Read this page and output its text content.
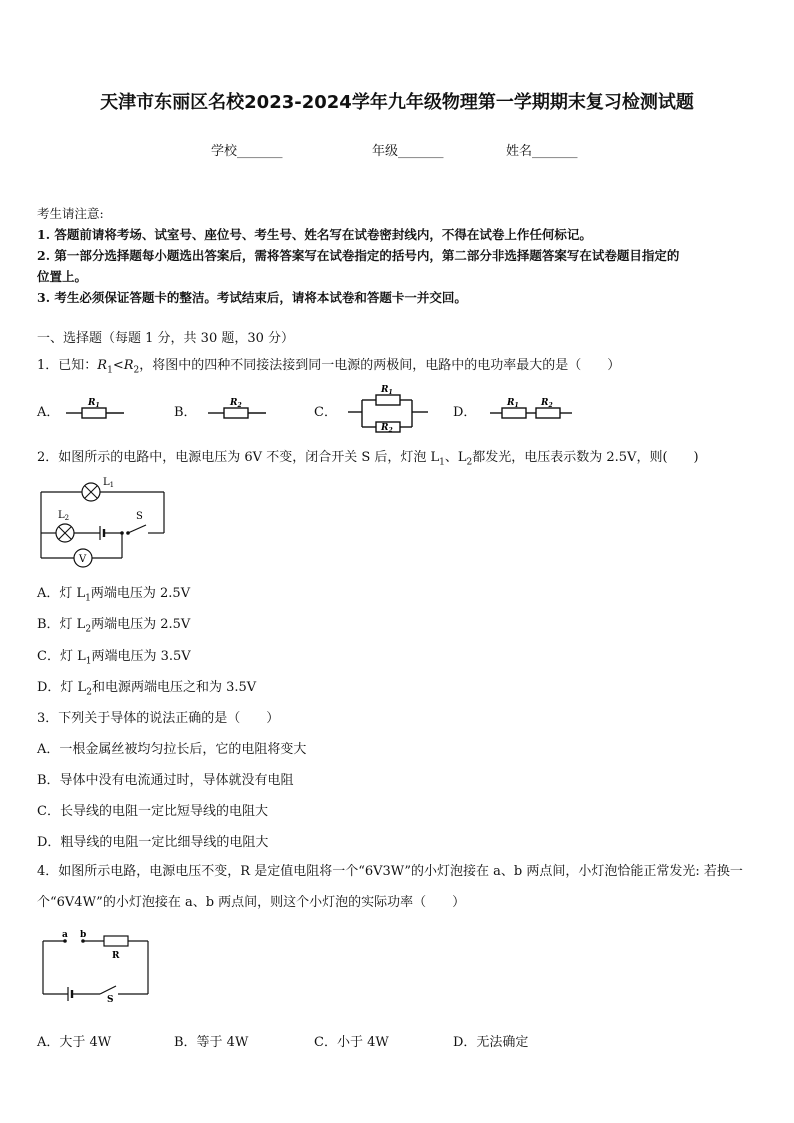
天津市东丽区名校2023-2024学年九年级物理第一学期期末复习检测试题
学校_______	年级_______	姓名_______
考生请注意:
1. 答题前请将考场、试室号、座位号、考生号、姓名写在试卷密封线内，不得在试卷上作任何标记。
2. 第一部分选择题每小题选出答案后，需将答案写在试卷指定的括号内，第二部分非选择题答案写在试卷题目指定的
位置上。
3. 考生必须保证答题卡的整洁。考试结束后，请将本试卷和答题卡一并交回。
一、选择题（每题 1 分，共 30 题，30 分）
1．已知：$R_1<R_2$，将图中的四种不同接法接到同一电源的两极间，电路中的电功率最大的是（　　）
A．
$R_1$	B．
$R_2$	C．
$R_1$
$R_2$
D．
$R_1$ $R_2$
2．如图所示的电路中，电源电压为 6V 不变，闭合开关 S 后，灯泡 $L_1$、$L_2$都发光，电压表示数为 2.5V，则(　　)
$L_1$
$L_2$	S
V
A．灯 $L_1$两端电压为 2.5V
B．灯 $L_2$两端电压为 2.5V
C．灯 $L_1$两端电压为 3.5V
D．灯 $L_2$和电源两端电压之和为 3.5V
3．下列关于导体的说法正确的是（　　）
A．一根金属丝被均匀拉长后，它的电阻将变大
B．导体中没有电流通过时，导体就没有电阻
C．长导线的电阻一定比短导线的电阻大
D．粗导线的电阻一定比细导线的电阻大
4．如图所示电路，电源电压不变，R 是定值电阻将一个“6V3W”的小灯泡接在 a、b 两点间，小灯泡恰能正常发光: 若换一个“6V4W”的小灯泡接在 a、b 两点间，则这个小灯泡的实际功率（　　）
a b
R
S
A．大于 4W	B．等于 4W	C．小于 4W	D．无法确定
